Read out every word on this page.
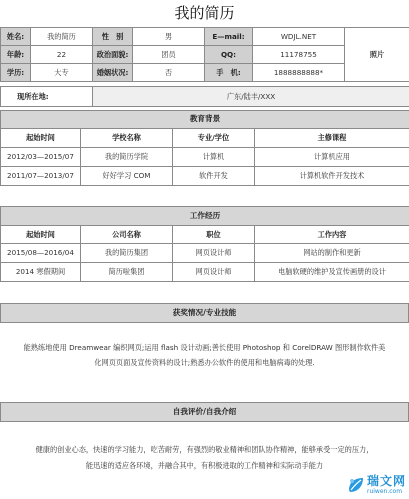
我的简历
姓名:	我的简历	性　别	男	E—mail:	WDJL.NET	照片
年龄:	22	政治面貌:	团员	QQ:	11178755	
学历:	大专	婚姻状况:	否	手　机:	1888888888*	
现所在地:	广东/陆丰/XXX
教育背景			
起始时间	学校名称	专业/学位	主修课程
2012/03—2015/07	我的简历学院	计算机	计算机应用
2011/07—2013/07	好好学习 COM	软件开发	计算机软件开发技术
工作经历			
起始时间	公司名称	职位	工作内容
2015/08—2016/04	我的简历集团	网页设计师	网站的制作和更新
2014 寒假期间	简历啦集团	网页设计师	电脑软硬的维护及宣传画册的设计
获奖情况/专业技能
能熟练地使用 Dreamwear 编织网页;运用 flash 设计动画;善长使用 Photoshop 和 CorelDRAW 图形制作软件美
化网页页面及宣传资料的设计;熟悉办公软件的使用和电脑病毒的处理.
自我评价/自我介绍
健康的创业心态，快速的学习能力，吃苦耐劳，有强烈的敬业精神和团队协作精神，能够承受一定的压力，
能迅速的适应各环境，并融合其中，有积极进取的工作精神和实际动手能力
瑞文网
ruiwen.com
